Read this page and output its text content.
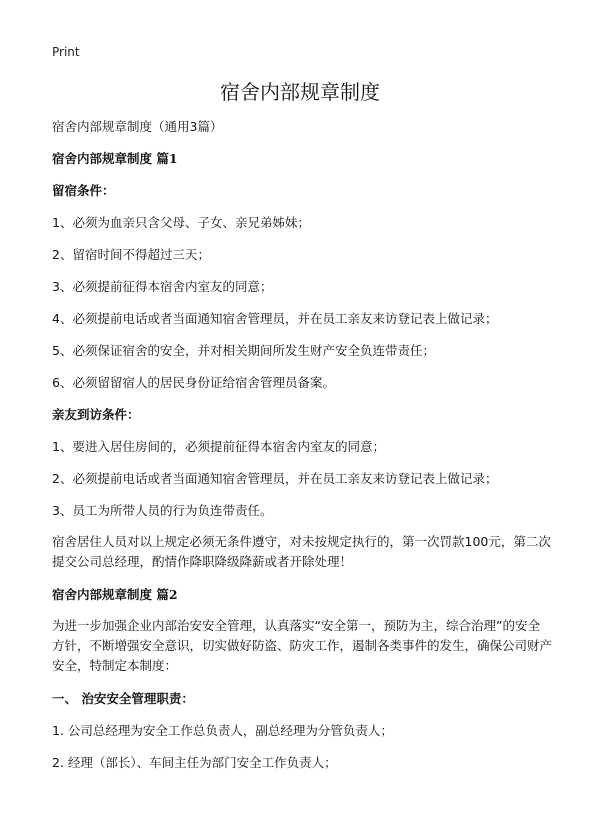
Print
宿舍内部规章制度

宿舍内部规章制度（通用3篇）

宿舍内部规章制度 篇1

留宿条件：

1、必须为血亲只含父母、子女、亲兄弟姊妹；

2、留宿时间不得超过三天；

3、必须提前征得本宿舍内室友的同意；

4、必须提前电话或者当面通知宿舍管理员，并在员工亲友来访登记表上做记录；

5、必须保证宿舍的安全，并对相关期间所发生财产安全负连带责任；

6、必须留留宿人的居民身份证给宿舍管理员备案。

亲友到访条件：

1、要进入居住房间的，必须提前征得本宿舍内室友的同意；

2、必须提前电话或者当面通知宿舍管理员，并在员工亲友来访登记表上做记录；

3、员工为所带人员的行为负连带责任。

宿舍居住人员对以上规定必须无条件遵守，对未按规定执行的，第一次罚款100元，第二次提交公司总经理，酌情作降职降级降薪或者开除处理！

宿舍内部规章制度 篇2

为进一步加强企业内部治安安全管理，认真落实“安全第一，预防为主，综合治理”的安全方针，不断增强安全意识，切实做好防盗、防灾工作，遏制各类事件的发生，确保公司财产安全，特制定本制度：

一、 治安安全管理职责：

1. 公司总经理为安全工作总负责人，副总经理为分管负责人；

2. 经理（部长）、车间主任为部门安全工作负责人；
